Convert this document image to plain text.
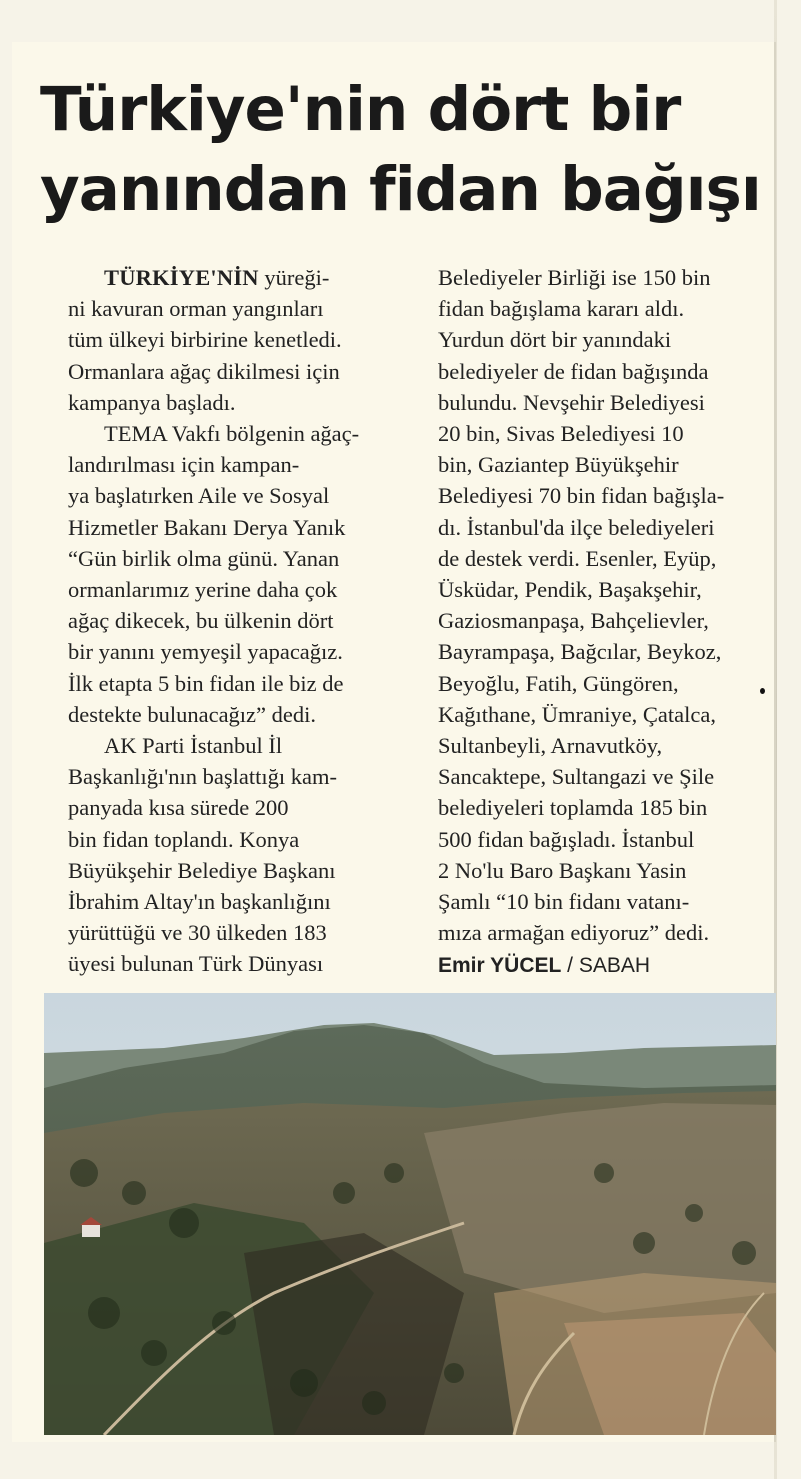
Türkiye'nin dört bir
yanından fidan bağışı
TÜRKİYE'NİN yüreği-
ni kavuran orman yangınları
tüm ülkeyi birbirine kenetledi.
Ormanlara ağaç dikilmesi için
kampanya başladı.
TEMA Vakfı bölgenin ağaç-
landırılması için kampan-
ya başlatırken Aile ve Sosyal
Hizmetler Bakanı Derya Yanık
“Gün birlik olma günü. Yanan
ormanlarımız yerine daha çok
ağaç dikecek, bu ülkenin dört
bir yanını yemyeşil yapacağız.
İlk etapta 5 bin fidan ile biz de
destekte bulunacağız” dedi.
AK Parti İstanbul İl
Başkanlığı'nın başlattığı kam-
panyada kısa sürede 200
bin fidan toplandı. Konya
Büyükşehir Belediye Başkanı
İbrahim Altay'ın başkanlığını
yürüttüğü ve 30 ülkeden 183
üyesi bulunan Türk Dünyası
Belediyeler Birliği ise 150 bin
fidan bağışlama kararı aldı.
Yurdun dört bir yanındaki
belediyeler de fidan bağışında
bulundu. Nevşehir Belediyesi
20 bin, Sivas Belediyesi 10
bin, Gaziantep Büyükşehir
Belediyesi 70 bin fidan bağışla-
dı. İstanbul'da ilçe belediyeleri
de destek verdi. Esenler, Eyüp,
Üsküdar, Pendik, Başakşehir,
Gaziosmanpaşa, Bahçelievler,
Bayrampaşa, Bağcılar, Beykoz,
Beyoğlu, Fatih, Güngören,
Kağıthane, Ümraniye, Çatalca,
Sultanbeyli, Arnavutköy,
Sancaktepe, Sultangazi ve Şile
belediyeleri toplamda 185 bin
500 fidan bağışladı. İstanbul
2 No'lu Baro Başkanı Yasin
Şamlı “10 bin fidanı vatanı-
mıza armağan ediyoruz” dedi.
Emir YÜCEL / SABAH
